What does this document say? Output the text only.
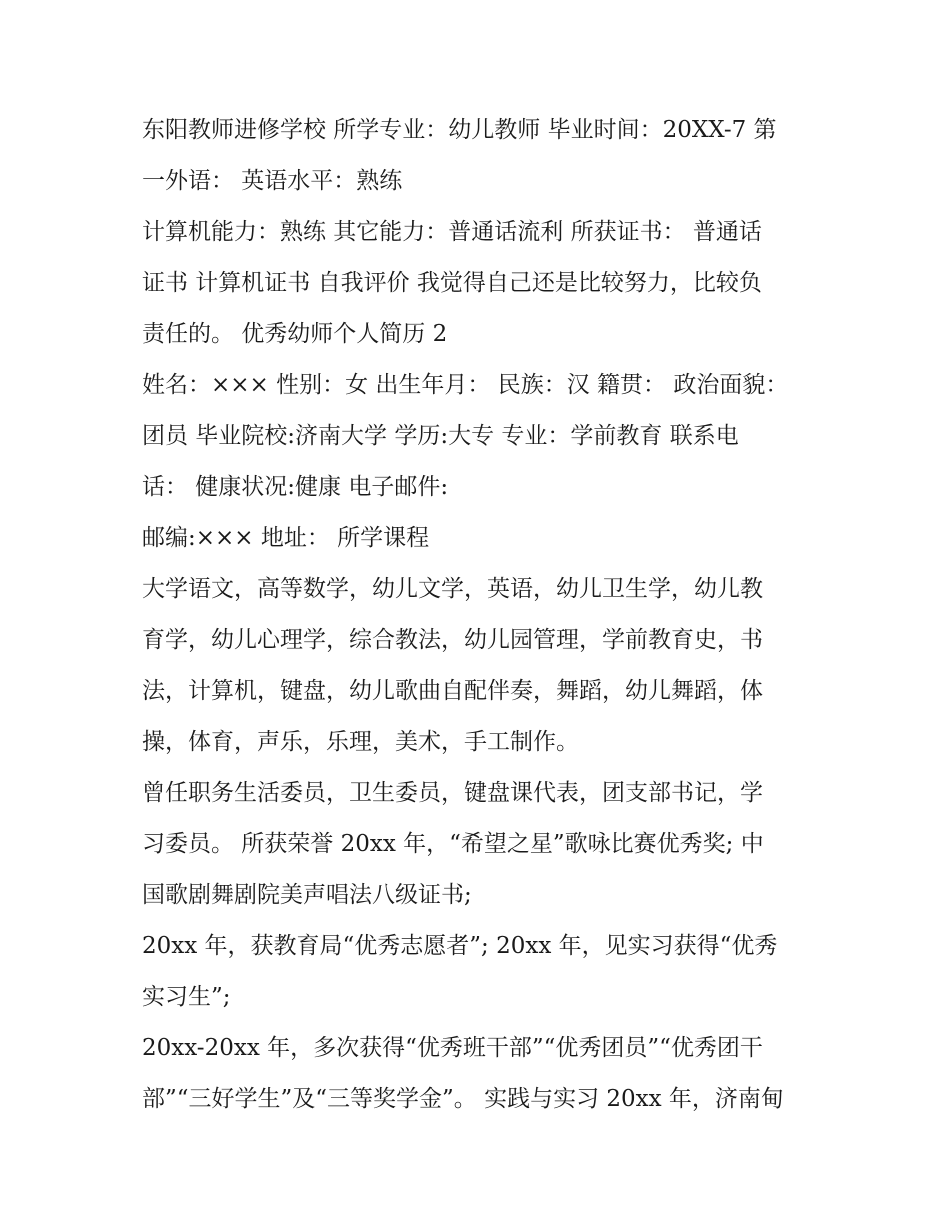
东阳教师进修学校 所学专业：幼儿教师 毕业时间：20XX-7 第

一外语： 英语水平：熟练

计算机能力：熟练 其它能力：普通话流利 所获证书： 普通话

证书 计算机证书 自我评价 我觉得自己还是比较努力，比较负

责任的。 优秀幼师个人简历 2

姓名：××× 性别：女 出生年月： 民族：汉 籍贯： 政治面貌：

团员 毕业院校:济南大学 学历:大专 专业：学前教育 联系电

话： 健康状况:健康 电子邮件:

邮编:××× 地址： 所学课程

大学语文，高等数学，幼儿文学，英语，幼儿卫生学，幼儿教

育学，幼儿心理学，综合教法，幼儿园管理，学前教育史，书

法，计算机，键盘，幼儿歌曲自配伴奏，舞蹈，幼儿舞蹈，体

操，体育，声乐，乐理，美术，手工制作。

曾任职务生活委员，卫生委员，键盘课代表，团支部书记，学

习委员。 所获荣誉 20xx 年，“希望之星”歌咏比赛优秀奖; 中

国歌剧舞剧院美声唱法八级证书;

20xx 年，获教育局“优秀志愿者”; 20xx 年，见实习获得“优秀

实习生”;

20xx-20xx 年，多次获得“优秀班干部”“优秀团员”“优秀团干

部”“三好学生”及“三等奖学金”。 实践与实习 20xx 年，济南甸
